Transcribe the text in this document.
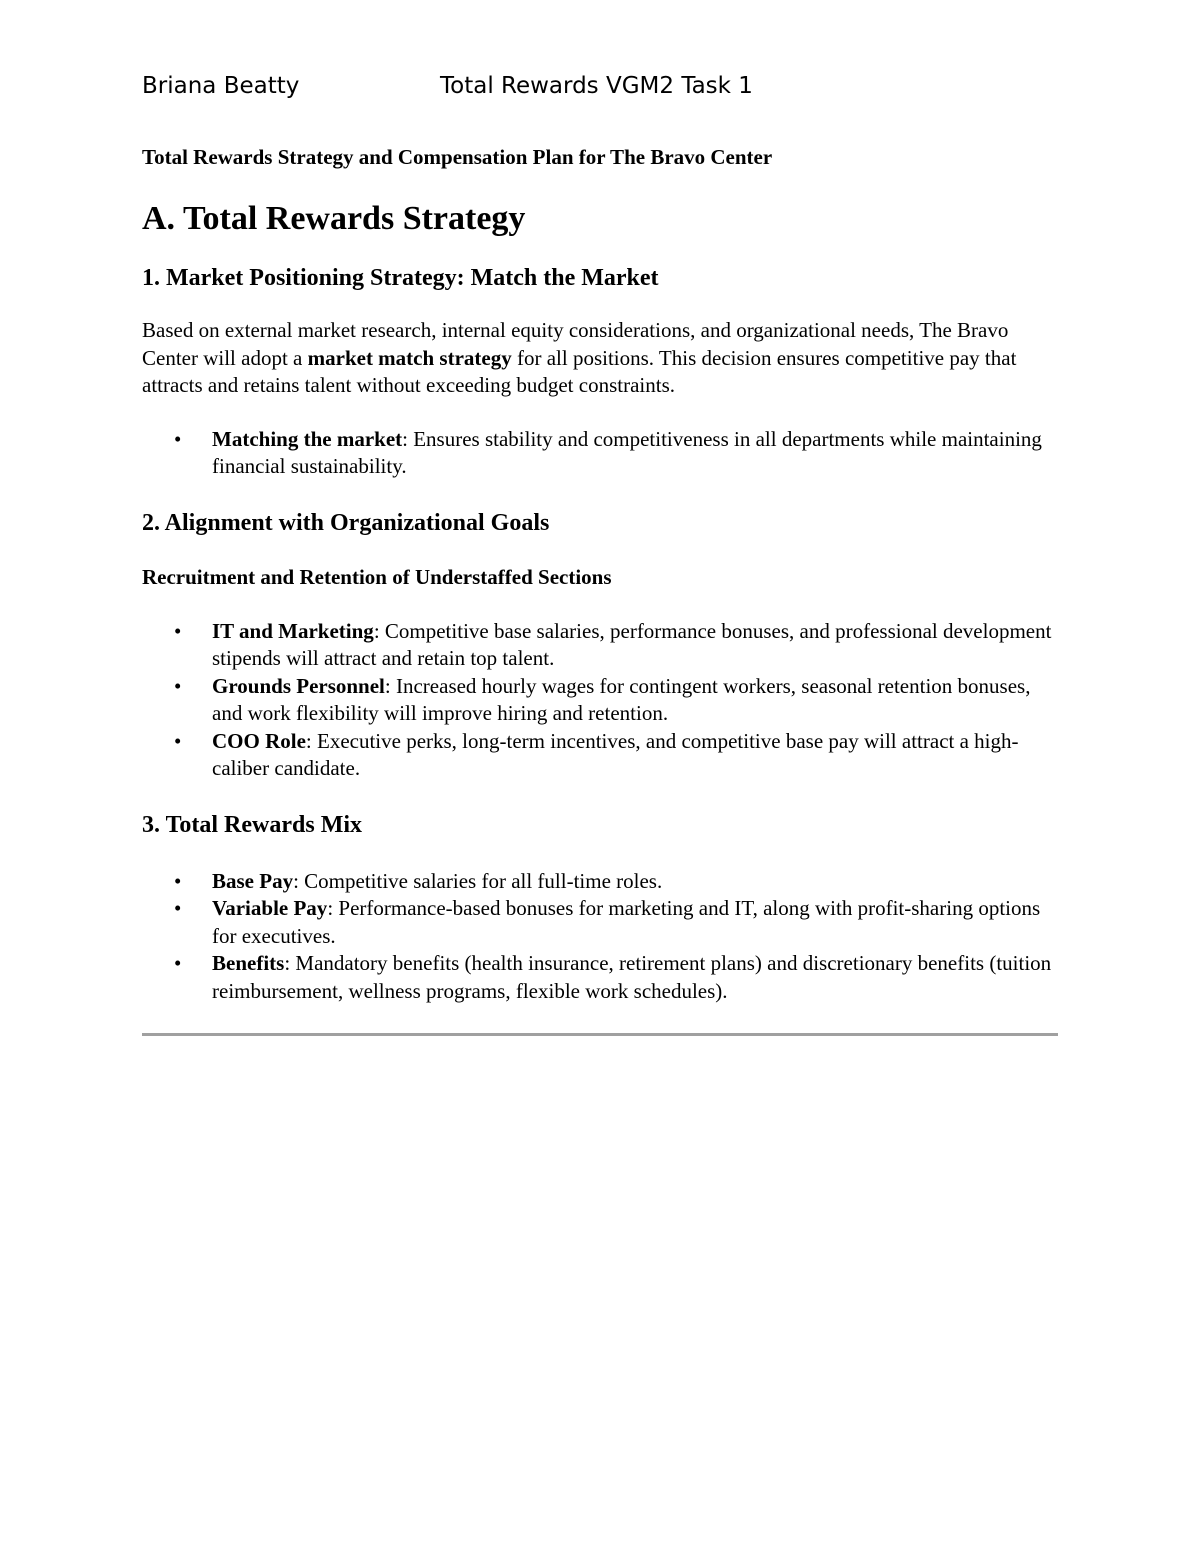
Briana Beatty	Total Rewards VGM2 Task 1

Total Rewards Strategy and Compensation Plan for The Bravo Center

A. Total Rewards Strategy
1. Market Positioning Strategy: Match the Market

Based on external market research, internal equity considerations, and organizational needs, The Bravo Center will adopt a market match strategy for all positions. This decision ensures competitive pay that attracts and retains talent without exceeding budget constraints.

• Matching the market: Ensures stability and competitiveness in all departments while maintaining financial sustainability.
2. Alignment with Organizational Goals

Recruitment and Retention of Understaffed Sections

• IT and Marketing: Competitive base salaries, performance bonuses, and professional development stipends will attract and retain top talent.
• Grounds Personnel: Increased hourly wages for contingent workers, seasonal retention bonuses, and work flexibility will improve hiring and retention.
• COO Role: Executive perks, long-term incentives, and competitive base pay will attract a high-caliber candidate.
3. Total Rewards Mix
• Base Pay: Competitive salaries for all full-time roles.
• Variable Pay: Performance-based bonuses for marketing and IT, along with profit-sharing options for executives.
• Benefits: Mandatory benefits (health insurance, retirement plans) and discretionary benefits (tuition reimbursement, wellness programs, flexible work schedules).
